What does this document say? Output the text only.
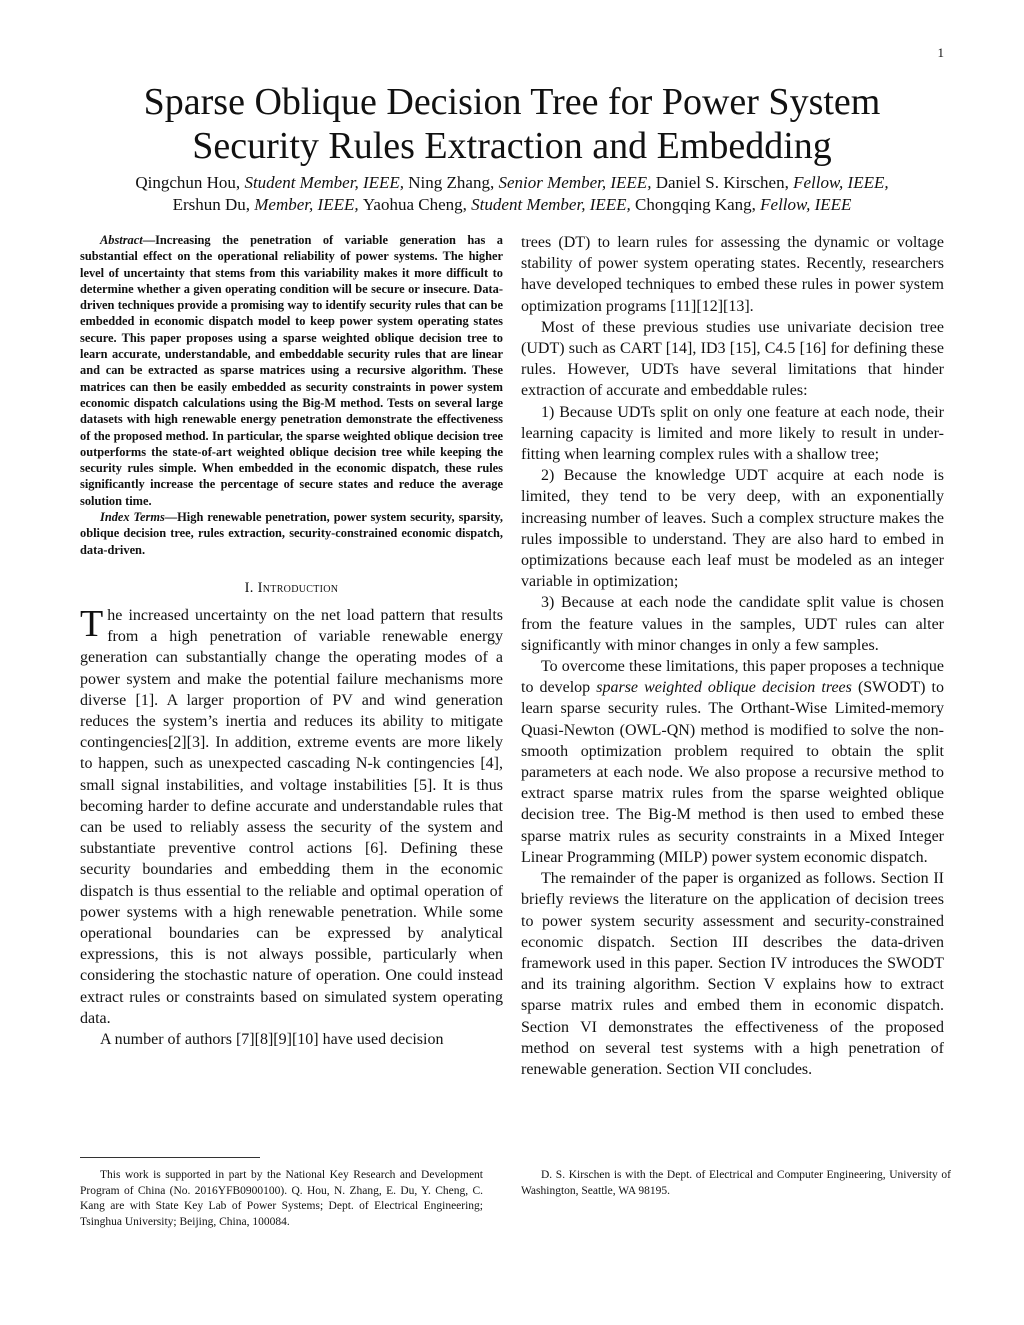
1
Sparse Oblique Decision Tree for Power System
Security Rules Extraction and Embedding
Qingchun Hou, Student Member, IEEE, Ning Zhang, Senior Member, IEEE, Daniel S. Kirschen, Fellow, IEEE,
Ershun Du, Member, IEEE, Yaohua Cheng, Student Member, IEEE, Chongqing Kang, Fellow, IEEE

Abstract—Increasing the penetration of variable generation has a substantial effect on the operational reliability of power systems. The higher level of uncertainty that stems from this variability makes it more difficult to determine whether a given operating condition will be secure or insecure. Data-driven techniques provide a promising way to identify security rules that can be embedded in economic dispatch model to keep power system operating states secure. This paper proposes using a sparse weighted oblique decision tree to learn accurate, understandable, and embeddable security rules that are linear and can be extracted as sparse matrices using a recursive algorithm. These matrices can then be easily embedded as security constraints in power system economic dispatch calculations using the Big-M method. Tests on several large datasets with high renewable energy penetration demonstrate the effectiveness of the proposed method. In particular, the sparse weighted oblique decision tree outperforms the state-of-art weighted oblique decision tree while keeping the security rules simple. When embedded in the economic dispatch, these rules significantly increase the percentage of secure states and reduce the average solution time.

Index Terms—High renewable penetration, power system security, sparsity, oblique decision tree, rules extraction, security-constrained economic dispatch, data-driven.

I. Introduction

The increased uncertainty on the net load pattern that results from a high penetration of variable renewable energy generation can substantially change the operating modes of a power system and make the potential failure mechanisms more diverse [1]. A larger proportion of PV and wind generation reduces the system’s inertia and reduces its ability to mitigate contingencies[2][3]. In addition, extreme events are more likely to happen, such as unexpected cascading N-k contingencies [4], small signal instabilities, and voltage instabilities [5]. It is thus becoming harder to define accurate and understandable rules that can be used to reliably assess the security of the system and substantiate preventive control actions [6]. Defining these security boundaries and embedding them in the economic dispatch is thus essential to the reliable and optimal operation of power systems with a high renewable penetration. While some operational boundaries can be expressed by analytical expressions, this is not always possible, particularly when considering the stochastic nature of operation. One could instead extract rules or constraints based on simulated system operating data.

A number of authors [7][8][9][10] have used decision

trees (DT) to learn rules for assessing the dynamic or voltage stability of power system operating states. Recently, researchers have developed techniques to embed these rules in power system optimization programs [11][12][13].

Most of these previous studies use univariate decision tree (UDT) such as CART [14], ID3 [15], C4.5 [16] for defining these rules. However, UDTs have several limitations that hinder extraction of accurate and embeddable rules:

1) Because UDTs split on only one feature at each node, their learning capacity is limited and more likely to result in under-fitting when learning complex rules with a shallow tree;

2) Because the knowledge UDT acquire at each node is limited, they tend to be very deep, with an exponentially increasing number of leaves. Such a complex structure makes the rules impossible to understand. They are also hard to embed in optimizations because each leaf must be modeled as an integer variable in optimization;

3) Because at each node the candidate split value is chosen from the feature values in the samples, UDT rules can alter significantly with minor changes in only a few samples.

To overcome these limitations, this paper proposes a technique to develop sparse weighted oblique decision trees (SWODT) to learn sparse security rules. The Orthant-Wise Limited-memory Quasi-Newton (OWL-QN) method is modified to solve the non-smooth optimization problem required to obtain the split parameters at each node. We also propose a recursive method to extract sparse matrix rules from the sparse weighted oblique decision tree. The Big-M method is then used to embed these sparse matrix rules as security constraints in a Mixed Integer Linear Programming (MILP) power system economic dispatch.

The remainder of the paper is organized as follows. Section II briefly reviews the literature on the application of decision trees to power system security assessment and security-constrained economic dispatch. Section III describes the data-driven framework used in this paper. Section IV introduces the SWODT and its training algorithm. Section V explains how to extract sparse matrix rules and embed them in economic dispatch. Section VI demonstrates the effectiveness of the proposed method on several test systems with a high penetration of renewable generation. Section VII concludes.

This work is supported in part by the National Key Research and Development Program of China (No. 2016YFB0900100). Q. Hou, N. Zhang, E. Du, Y. Cheng, C. Kang are with State Key Lab of Power Systems; Dept. of Electrical Engineering; Tsinghua University; Beijing, China, 100084.

D. S. Kirschen is with the Dept. of Electrical and Computer Engineering, University of Washington, Seattle, WA 98195.
